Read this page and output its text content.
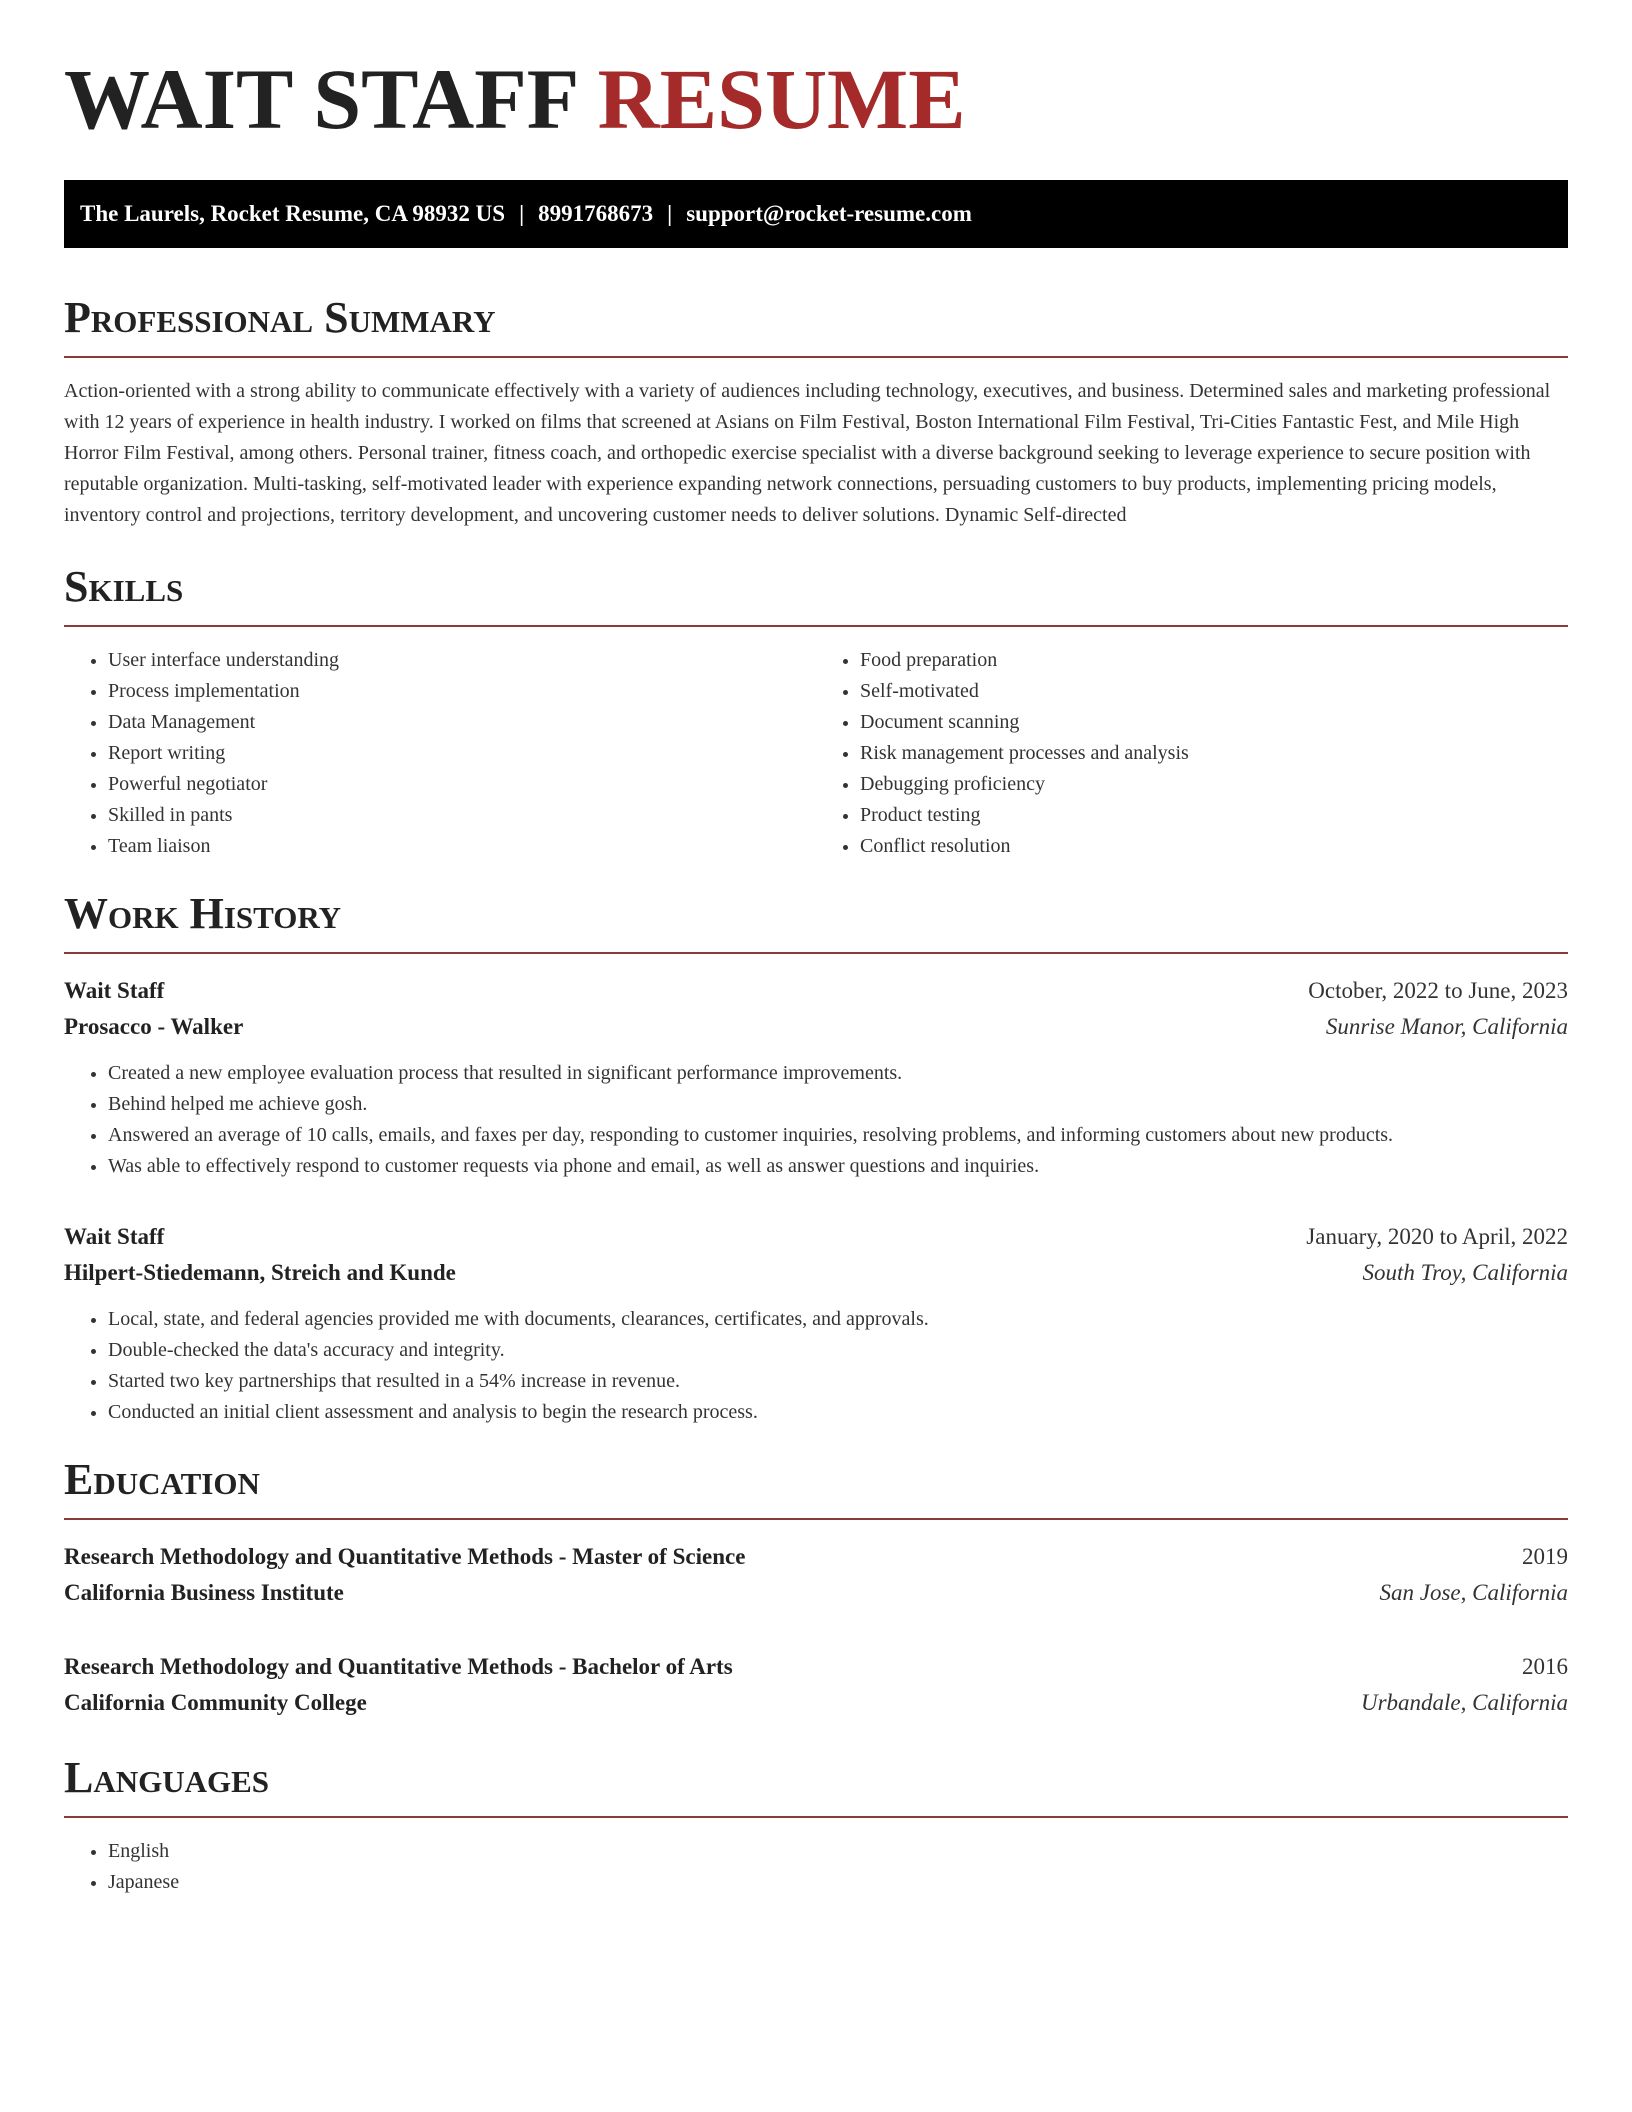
WAIT STAFF RESUME
The Laurels, Rocket Resume, CA 98932 US | 8991768673 | support@rocket-resume.com
Professional Summary

Action-oriented with a strong ability to communicate effectively with a variety of audiences including technology, executives, and business. Determined sales and marketing professional with 12 years of experience in health industry. I worked on films that screened at Asians on Film Festival, Boston International Film Festival, Tri-Cities Fantastic Fest, and Mile High Horror Film Festival, among others. Personal trainer, fitness coach, and orthopedic exercise specialist with a diverse background seeking to leverage experience to secure position with reputable organization. Multi-tasking, self-motivated leader with experience expanding network connections, persuading customers to buy products, implementing pricing models, inventory control and projections, territory development, and uncovering customer needs to deliver solutions. Dynamic Self-directed

Skills
• User interface understanding
• Process implementation
• Data Management
• Report writing
• Powerful negotiator
• Skilled in pants
• Team liaison
• Food preparation
• Self-motivated
• Document scanning
• Risk management processes and analysis
• Debugging proficiency
• Product testing
• Conflict resolution
Work History
Wait Staff	October, 2022 to June, 2023
Prosacco - Walker	Sunrise Manor, California
• Created a new employee evaluation process that resulted in significant performance improvements.
• Behind helped me achieve gosh.
• Answered an average of 10 calls, emails, and faxes per day, responding to customer inquiries, resolving problems, and informing customers about new products.
• Was able to effectively respond to customer requests via phone and email, as well as answer questions and inquiries.
Wait Staff	January, 2020 to April, 2022
Hilpert-Stiedemann, Streich and Kunde	South Troy, California
• Local, state, and federal agencies provided me with documents, clearances, certificates, and approvals.
• Double-checked the data's accuracy and integrity.
• Started two key partnerships that resulted in a 54% increase in revenue.
• Conducted an initial client assessment and analysis to begin the research process.
Education
Research Methodology and Quantitative Methods - Master of Science	2019
California Business Institute	San Jose, California
Research Methodology and Quantitative Methods - Bachelor of Arts	2016
California Community College	Urbandale, California
Languages
• English
• Japanese
